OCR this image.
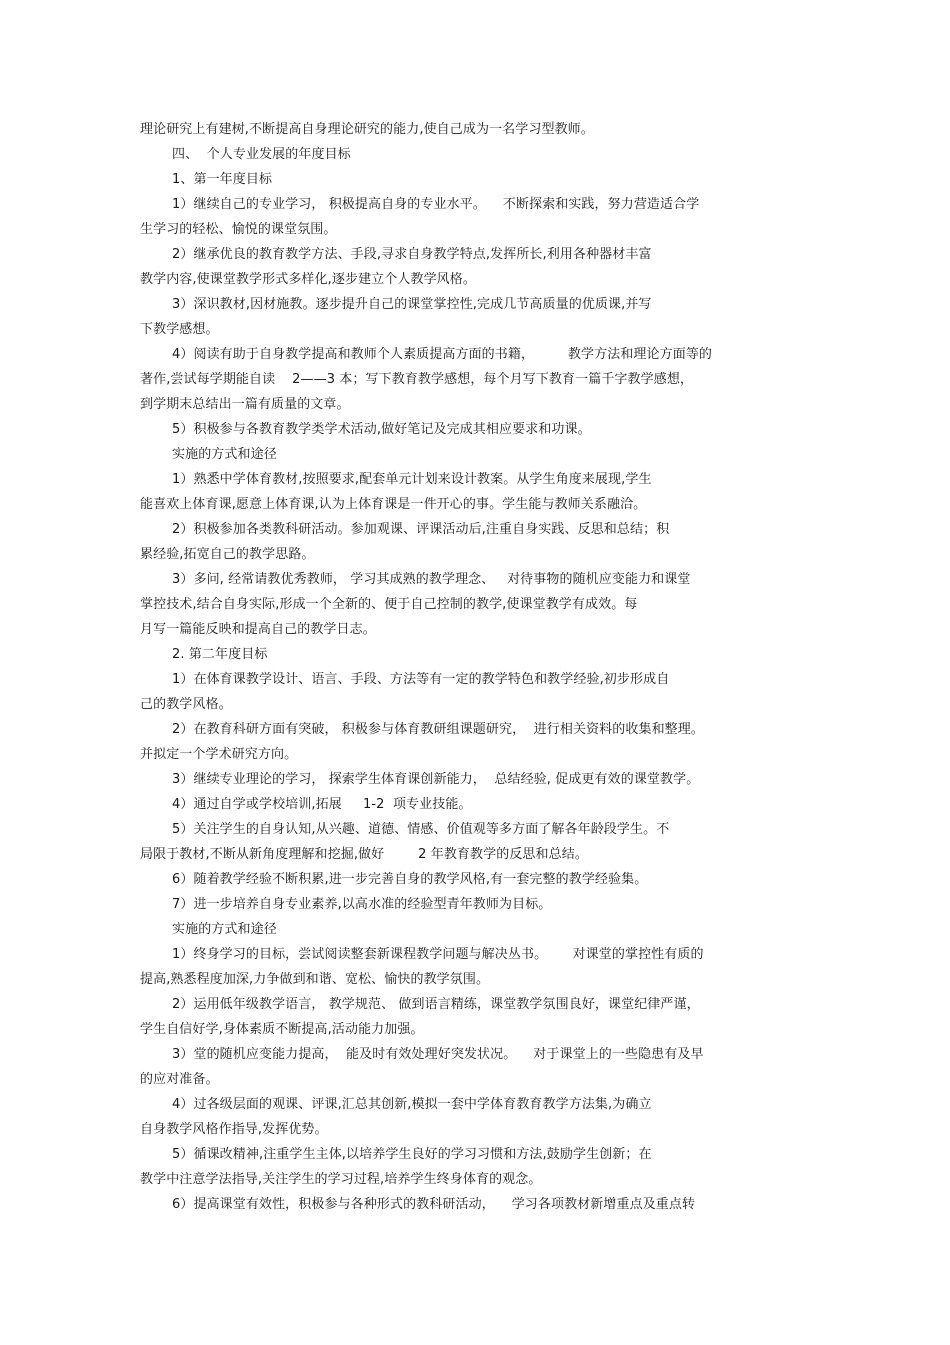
理论研究上有建树,不断提高自身理论研究的能力,使自己成为一名学习型教师。
四、  个人专业发展的年度目标
1、第一年度目标
1）继续自己的专业学习， 积极提高自身的专业水平。    不断探索和实践，努力营造适合学
生学习的轻松、愉悦的课堂氛围。
2）继承优良的教育教学方法、手段,寻求自身教学特点,发挥所长,利用各种器材丰富
教学内容,使课堂教学形式多样化,逐步建立个人教学风格。
3）深识教材,因材施教。逐步提升自己的课堂掌控性,完成几节高质量的优质课,并写
下教学感想。
4）阅读有助于自身教学提高和教师个人素质提高方面的书籍，        教学方法和理论方面等的
著作,尝试每学期能自读    2——3 本；写下教育教学感想，每个月写下教育一篇千字教学感想，
到学期末总结出一篇有质量的文章。
5）积极参与各教育教学类学术活动,做好笔记及完成其相应要求和功课。
实施的方式和途径
1）熟悉中学体育教材,按照要求,配套单元计划来设计教案。从学生角度来展现,学生
能喜欢上体育课,愿意上体育课,认为上体育课是一件开心的事。学生能与教师关系融洽。
2）积极参加各类教科研活动。参加观课、评课活动后,注重自身实践、反思和总结；积
累经验,拓宽自己的教学思路。
3）多问, 经常请教优秀教师， 学习其成熟的教学理念、   对待事物的随机应变能力和课堂
掌控技术,结合自身实际,形成一个全新的、便于自己控制的教学,使课堂教学有成效。每
月写一篇能反映和提高自己的教学日志。
2. 第二年度目标
1）在体育课教学设计、语言、手段、方法等有一定的教学特色和教学经验,初步形成自
己的教学风格。
2）在教育科研方面有突破， 积极参与体育教研组课题研究，  进行相关资料的收集和整理。
并拟定一个学术研究方向。
3）继续专业理论的学习， 探索学生体育课创新能力，  总结经验, 促成更有效的课堂教学。
4）通过自学或学校培训,拓展     1-2  项专业技能。
5）关注学生的自身认知,从兴趣、道德、情感、价值观等多方面了解各年龄段学生。不
局限于教材,不断从新角度理解和挖掘,做好        2 年教育教学的反思和总结。
6）随着教学经验不断积累,进一步完善自身的教学风格,有一套完整的教学经验集。
7）进一步培养自身专业素养,以高水准的经验型青年教师为目标。
实施的方式和途径
1）终身学习的目标，尝试阅读整套新课程教学问题与解决丛书。      对课堂的掌控性有质的
提高,熟悉程度加深,力争做到和谐、宽松、愉快的教学氛围。
2）运用低年级教学语言， 教学规范、 做到语言精练，课堂教学氛围良好，课堂纪律严谨，
学生自信好学,身体素质不断提高,活动能力加强。
3）堂的随机应变能力提高，  能及时有效处理好突发状况。    对于课堂上的一些隐患有及早
的应对准备。
4）过各级层面的观课、评课,汇总其创新,模拟一套中学体育教育教学方法集,为确立
自身教学风格作指导,发挥优势。
5）循课改精神,注重学生主体,以培养学生良好的学习习惯和方法,鼓励学生创新；在
教学中注意学法指导,关注学生的学习过程,培养学生终身体育的观念。
6）提高课堂有效性，积极参与各种形式的教科研活动，    学习各项教材新增重点及重点转
